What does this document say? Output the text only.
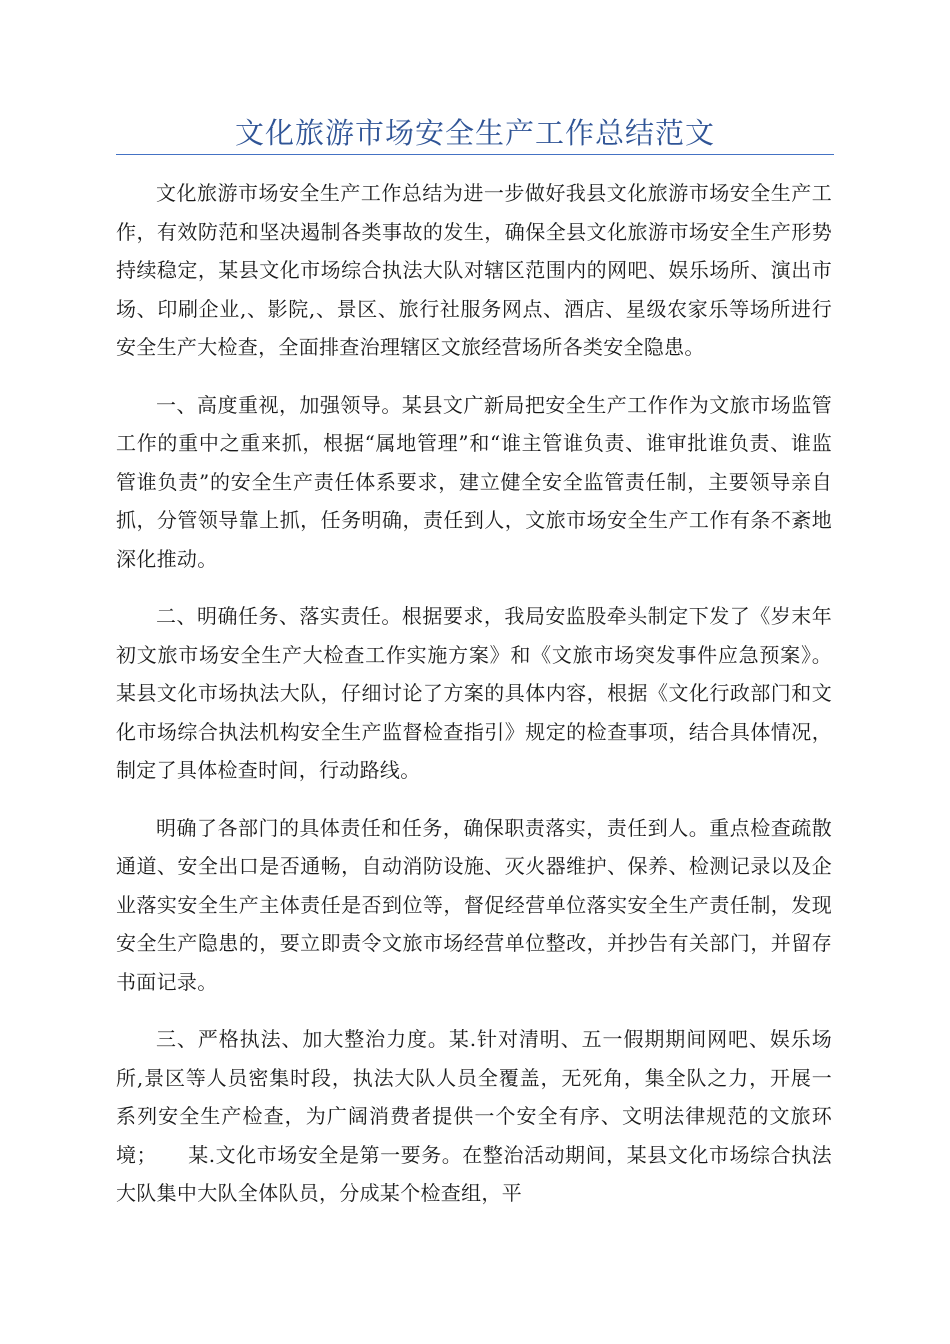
文化旅游市场安全生产工作总结范文

文化旅游市场安全生产工作总结为进一步做好我县文化旅游市场安全生产工作，有效防范和坚决遏制各类事故的发生，确保全县文化旅游市场安全生产形势持续稳定，某县文化市场综合执法大队对辖区范围内的网吧、娱乐场所、演出市场、印刷企业,、影院,、景区、旅行社服务网点、酒店、星级农家乐等场所进行安全生产大检查，全面排查治理辖区文旅经营场所各类安全隐患。

一、高度重视，加强领导。某县文广新局把安全生产工作作为文旅市场监管工作的重中之重来抓，根据“属地管理”和“谁主管谁负责、谁审批谁负责、谁监管谁负责”的安全生产责任体系要求，建立健全安全监管责任制，主要领导亲自抓，分管领导靠上抓，任务明确，责任到人，文旅市场安全生产工作有条不紊地深化推动。

二、明确任务、落实责任。根据要求，我局安监股牵头制定下发了《岁末年初文旅市场安全生产大检查工作实施方案》和《文旅市场突发事件应急预案》。某县文化市场执法大队，仔细讨论了方案的具体内容，根据《文化行政部门和文化市场综合执法机构安全生产监督检查指引》规定的检查事项，结合具体情况，制定了具体检查时间，行动路线。

明确了各部门的具体责任和任务，确保职责落实，责任到人。重点检查疏散通道、安全出口是否通畅，自动消防设施、灭火器维护、保养、检测记录以及企业落实安全生产主体责任是否到位等，督促经营单位落实安全生产责任制，发现安全生产隐患的，要立即责令文旅市场经营单位整改，并抄告有关部门，并留存书面记录。

三、严格执法、加大整治力度。某.针对清明、五一假期期间网吧、娱乐场所,景区等人员密集时段，执法大队人员全覆盖，无死角，集全队之力，开展一系列安全生产检查，为广阔消费者提供一个安全有序、文明法律规范的文旅环境；　　某.文化市场安全是第一要务。在整治活动期间，某县文化市场综合执法大队集中大队全体队员，分成某个检查组，平
